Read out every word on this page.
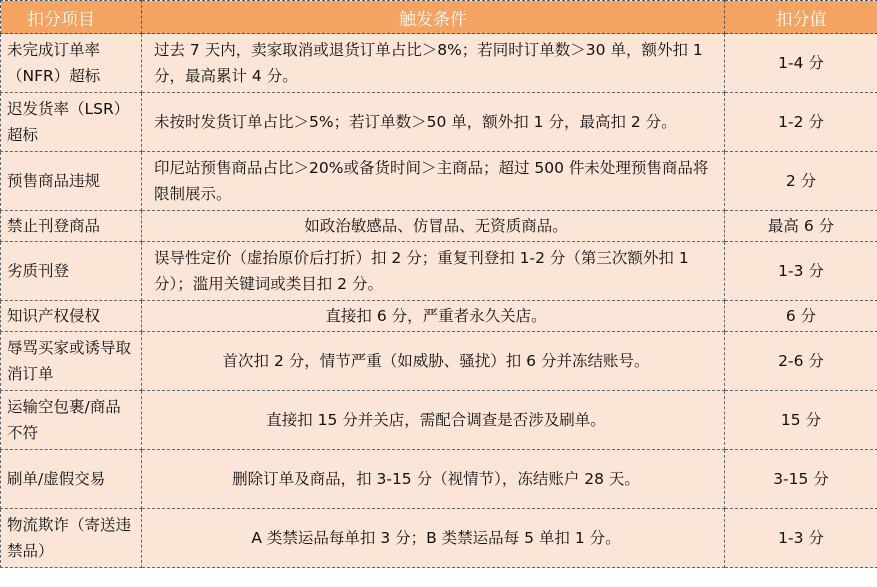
扣分项目	触发条件	扣分值
未完成订单率（NFR）超标	过去 7 天内，卖家取消或退货订单占比＞8%；若同时订单数＞30 单，额外扣 1 分，最高累计 4 分。	1-4 分
迟发货率（LSR）超标	未按时发货订单占比＞5%；若订单数＞50 单，额外扣 1 分，最高扣 2 分。	1-2 分
预售商品违规	印尼站预售商品占比＞20%或备货时间＞主商品；超过 500 件未处理预售商品将限制展示。	2 分
禁止刊登商品	如政治敏感品、仿冒品、无资质商品。	最高 6 分
劣质刊登	误导性定价（虚抬原价后打折）扣 2 分；重复刊登扣 1-2 分（第三次额外扣 1 分）；滥用关键词或类目扣 2 分。	1-3 分
知识产权侵权	直接扣 6 分，严重者永久关店。	6 分
辱骂买家或诱导取消订单	首次扣 2 分，情节严重（如威胁、骚扰）扣 6 分并冻结账号。	2-6 分
运输空包裹/商品不符	直接扣 15 分并关店，需配合调查是否涉及刷单。	15 分
刷单/虚假交易	删除订单及商品，扣 3-15 分（视情节），冻结账户 28 天。	3-15 分
物流欺诈（寄送违禁品）	A 类禁运品每单扣 3 分；B 类禁运品每 5 单扣 1 分。	1-3 分
